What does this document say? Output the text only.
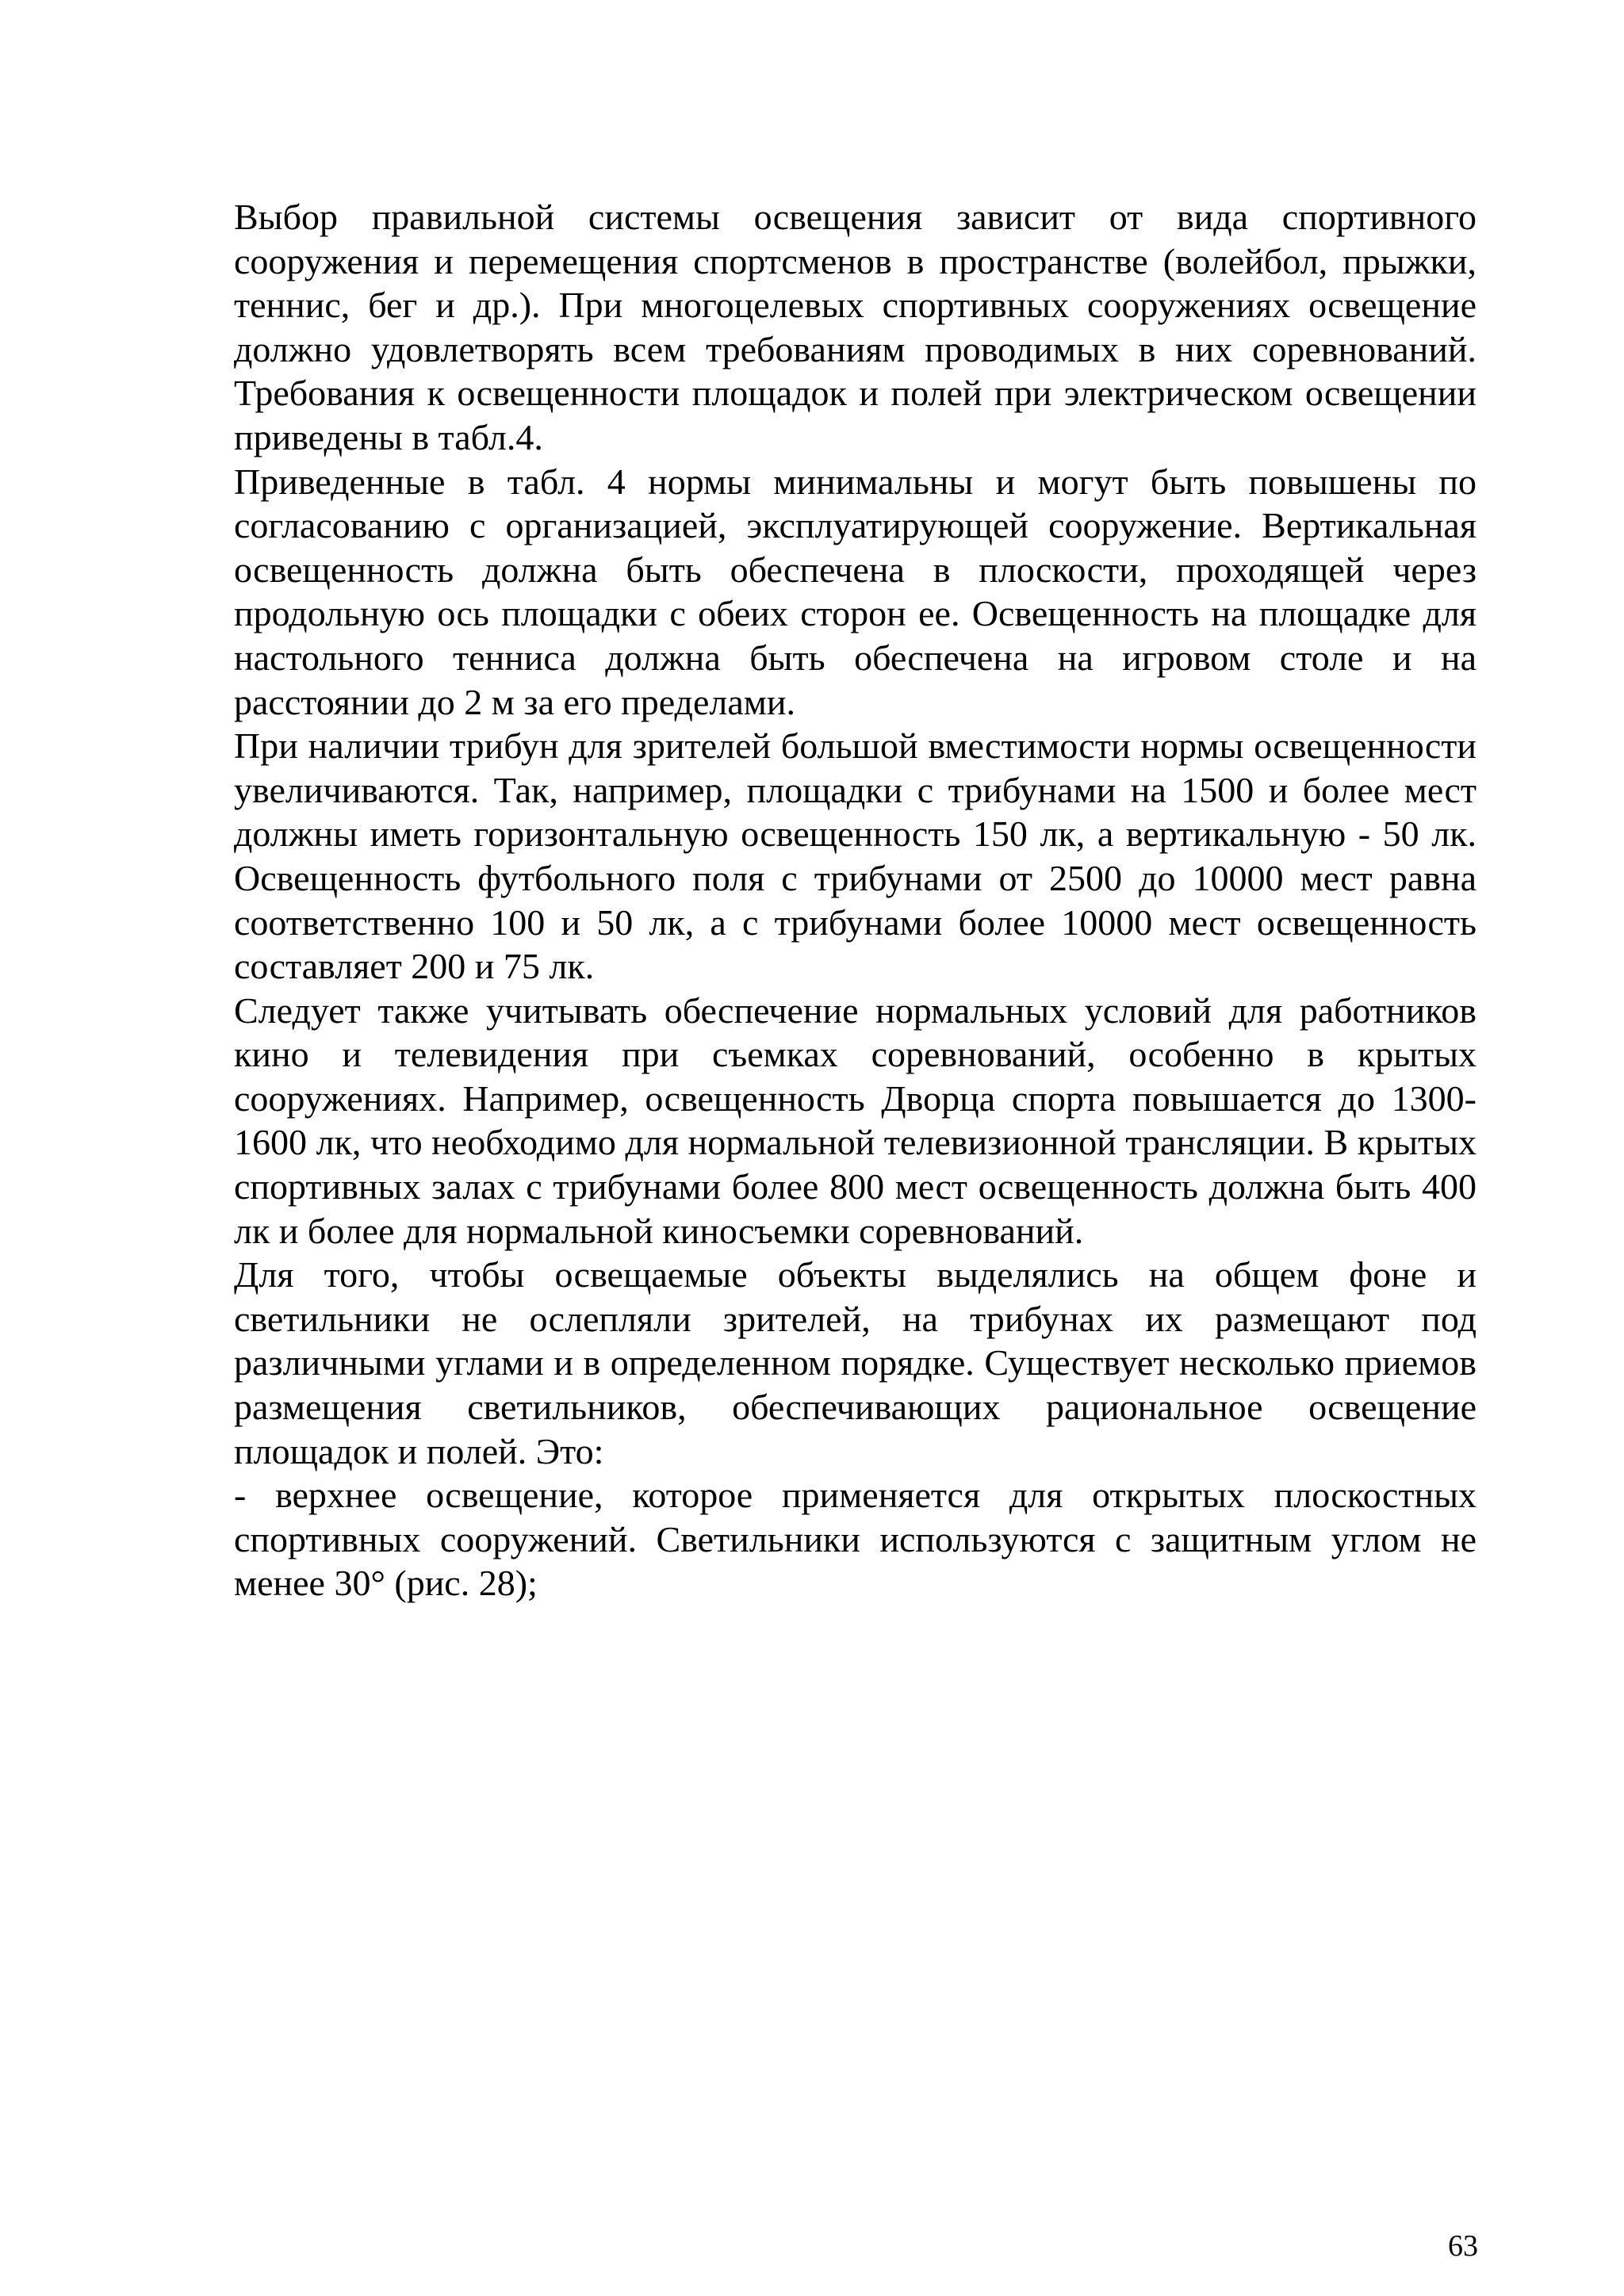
Выбор правильной системы освещения зависит от вида спортивного сооружения и перемещения спортсменов в пространстве (волейбол, прыжки, теннис, бег и др.). При многоцелевых спортивных сооружениях освещение должно удовлетворять всем требованиям проводимых в них соревнований. Требования к освещенности площадок и полей при электрическом освещении приведены в табл.4.

Приведенные в табл. 4 нормы минимальны и могут быть повышены по согласованию с организацией, эксплуатирующей сооружение. Вертикальная освещенность должна быть обеспечена в плоскости, проходящей через продольную ось площадки с обеих сторон ее. Освещенность на площадке для настольного тенниса должна быть обеспечена на игровом столе и на расстоянии до 2 м за его пределами.

При наличии трибун для зрителей большой вместимости нормы освещенности увеличиваются. Так, например, площадки с трибунами на 1500 и более мест должны иметь горизонтальную освещенность 150 лк, а вертикальную - 50 лк. Освещенность футбольного поля с трибунами от 2500 до 10000 мест равна соответственно 100 и 50 лк, а с трибунами более 10000 мест освещенность составляет 200 и 75 лк.

Следует также учитывать обеспечение нормальных условий для работников кино и телевидения при съемках соревнований, особенно в крытых сооружениях. Например, освещенность Дворца спорта повышается до 1300-1600 лк, что необходимо для нормальной телевизионной трансляции. В крытых спортивных залах с трибунами более 800 мест освещенность должна быть 400 лк и более для нормальной киносъемки соревнований.

Для того, чтобы освещаемые объекты выделялись на общем фоне и светильники не ослепляли зрителей, на трибунах их размещают под различными углами и в определенном порядке. Существует несколько приемов размещения светильников, обеспечивающих рациональное освещение площадок и полей. Это:

- верхнее освещение, которое применяется для открытых плоскостных спортивных сооружений. Светильники используются с защитным углом не менее 30° (рис. 28);

63
